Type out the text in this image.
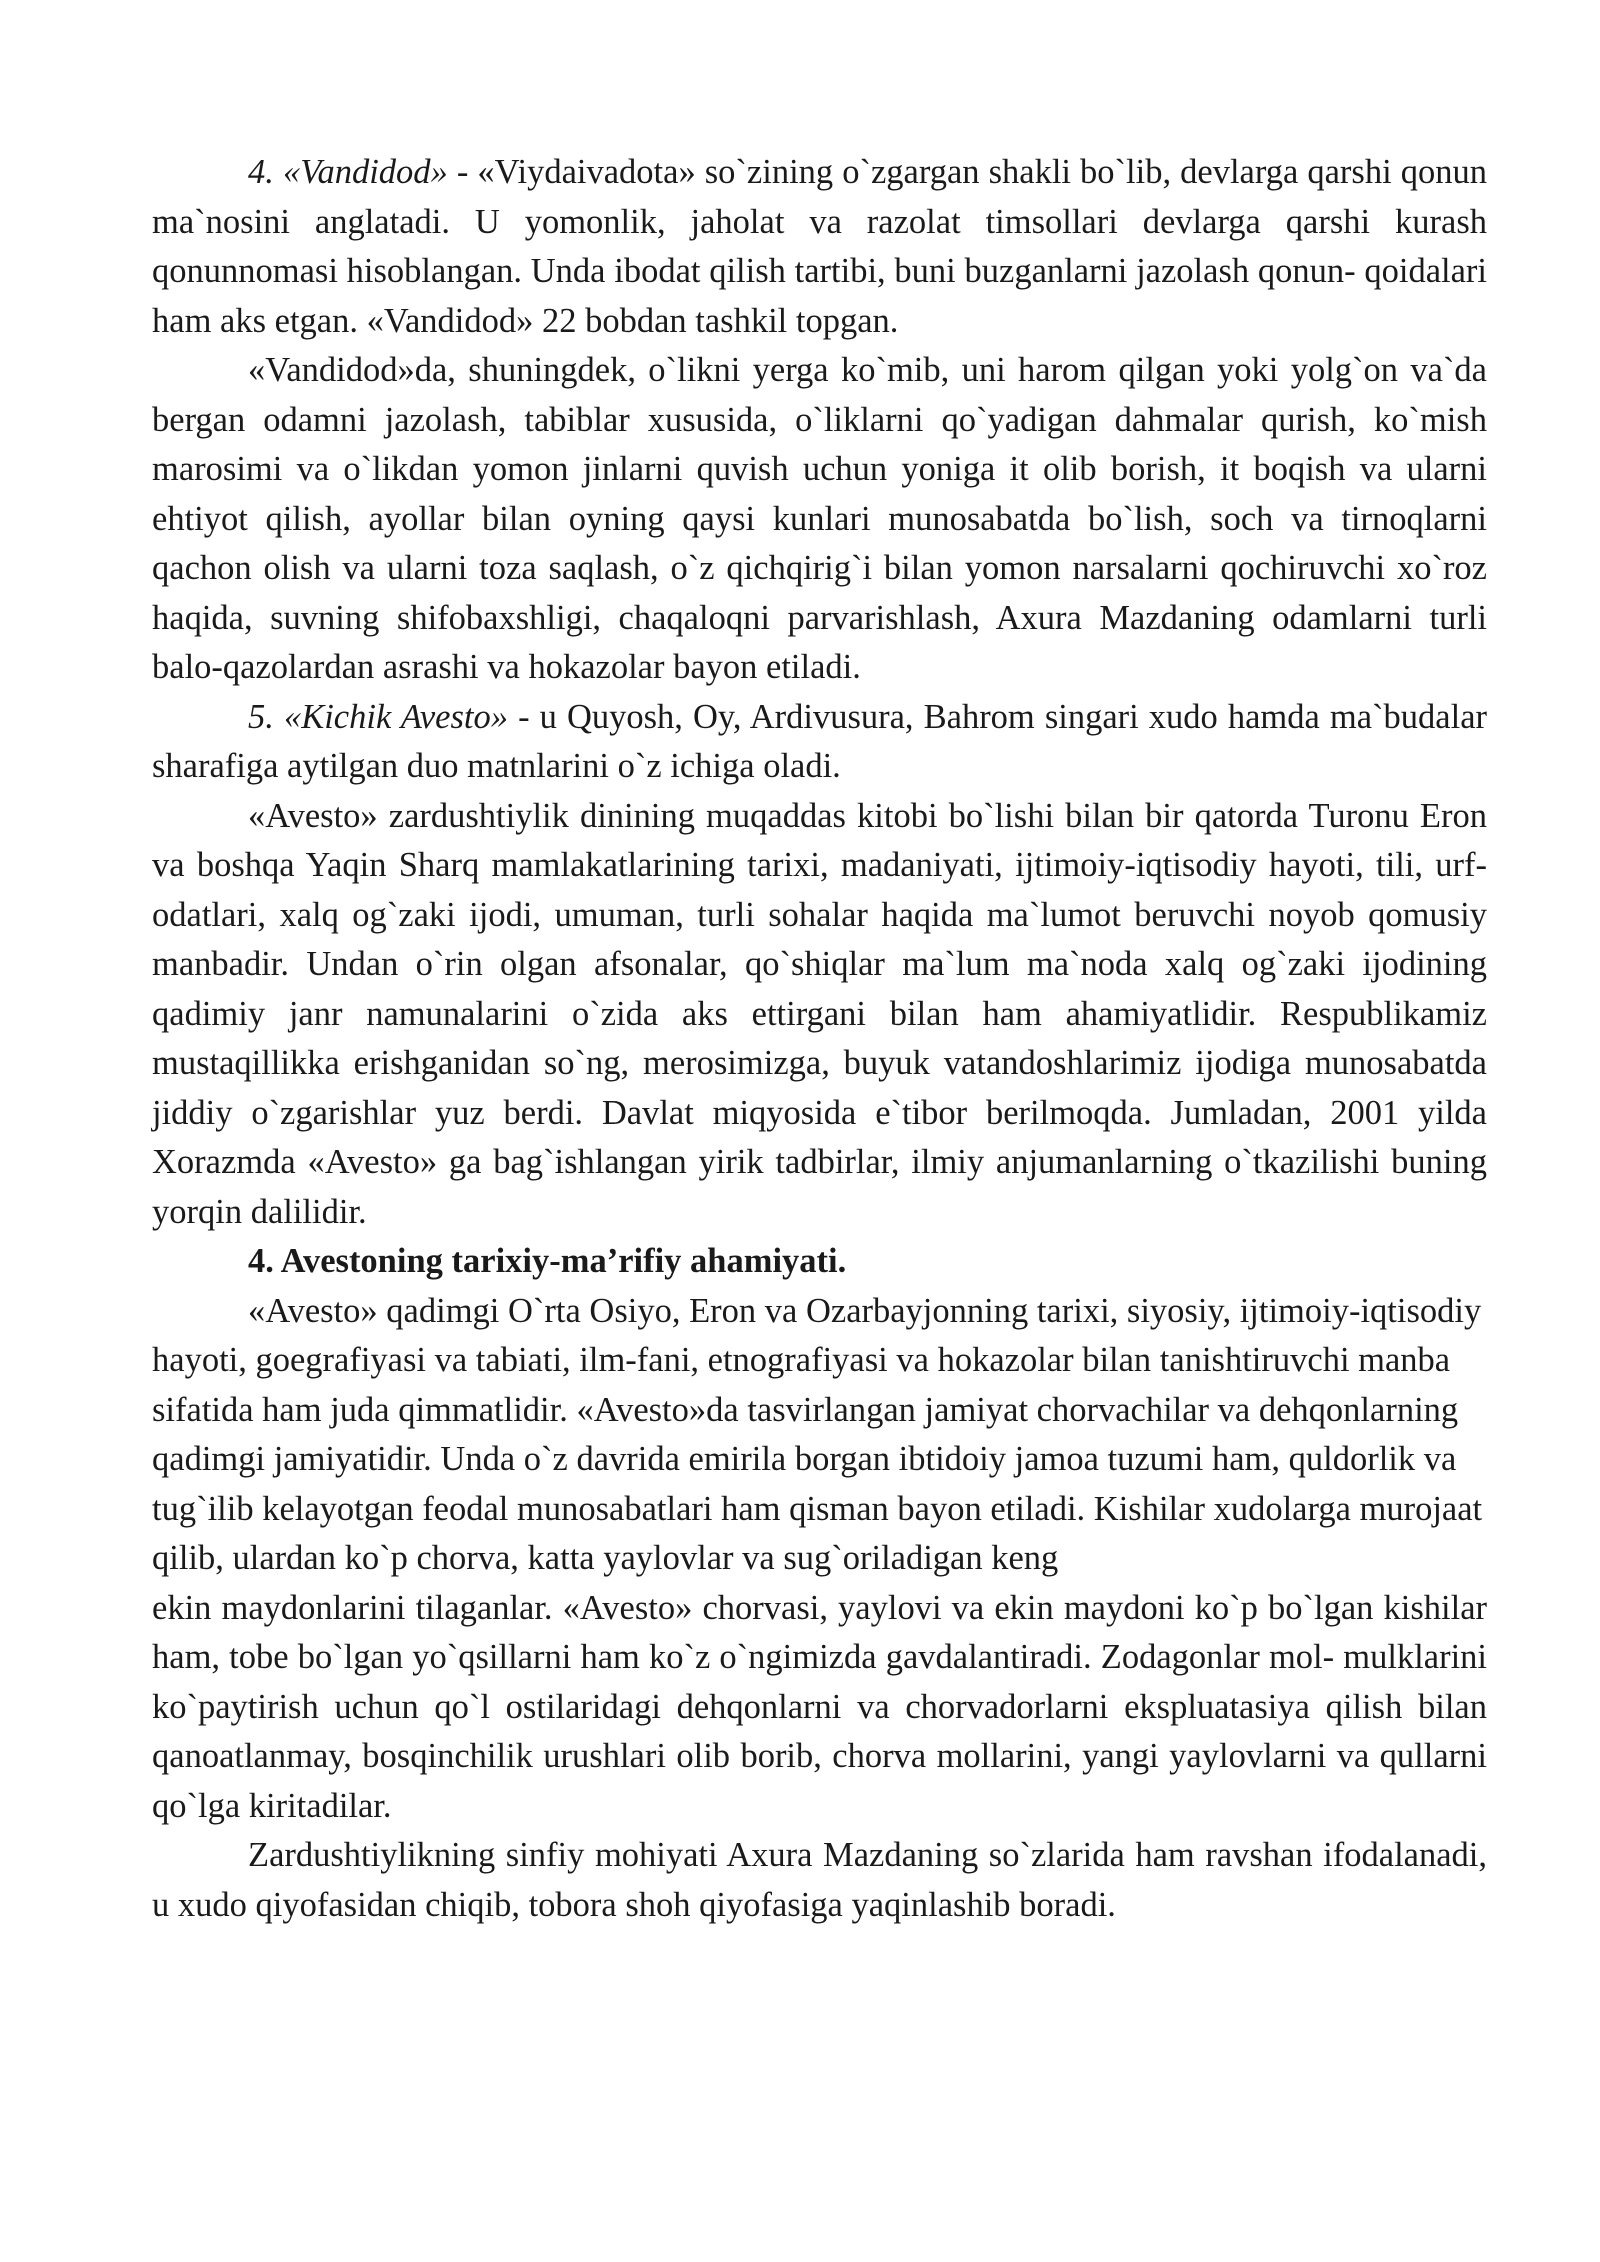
4. «Vandidod» - «Viydaivadota» so`zining o`zgargan shakli bo`lib, devlarga qarshi qonun ma`nosini anglatadi. U yomonlik, jaholat va razolat timsollari devlarga qarshi kurash qonunnomasi hisoblangan. Unda ibodat qilish tartibi, buni buzganlarni jazolash qonun- qoidalari ham aks etgan. «Vandidod» 22 bobdan tashkil topgan.

«Vandidod»da, shuningdek, o`likni yerga ko`mib, uni harom qilgan yoki yolg`on va`da bergan odamni jazolash, tabiblar xususida, o`liklarni qo`yadigan dahmalar qurish, ko`mish marosimi va o`likdan yomon jinlarni quvish uchun yoniga it olib borish, it boqish va ularni ehtiyot qilish, ayollar bilan oyning qaysi kunlari munosabatda bo`lish, soch va tirnoqlarni qachon olish va ularni toza saqlash, o`z qichqirig`i bilan yomon narsalarni qochiruvchi xo`roz haqida, suvning shifobaxshligi, chaqaloqni parvarishlash, Axura Mazdaning odamlarni turli balo-qazolardan asrashi va hokazolar bayon etiladi.

5. «Kichik Avesto» - u Quyosh, Oy, Ardivusura, Bahrom singari xudo hamda ma`budalar sharafiga aytilgan duo matnlarini o`z ichiga oladi.

«Avesto» zardushtiylik dinining muqaddas kitobi bo`lishi bilan bir qatorda Turonu Eron va boshqa Yaqin Sharq mamlakatlarining tarixi, madaniyati, ijtimoiy-iqtisodiy hayoti, tili, urf-odatlari, xalq og`zaki ijodi, umuman, turli sohalar haqida ma`lumot beruvchi noyob qomusiy manbadir. Undan o`rin olgan afsonalar, qo`shiqlar ma`lum ma`noda xalq og`zaki ijodining qadimiy janr namunalarini o`zida aks ettirgani bilan ham ahamiyatlidir. Respublikamiz mustaqillikka erishganidan so`ng, merosimizga, buyuk vatandoshlarimiz ijodiga munosabatda jiddiy o`zgarishlar yuz berdi. Davlat miqyosida e`tibor berilmoqda. Jumladan, 2001 yilda Xorazmda «Avesto» ga bag`ishlangan yirik tadbirlar, ilmiy anjumanlarning o`tkazilishi buning yorqin dalilidir.

4. Avestoning tarixiy-ma’rifiy ahamiyati.

«Avesto» qadimgi O`rta Osiyo, Eron va Ozarbayjonning tarixi, siyosiy, ijtimoiy-iqtisodiy hayoti, goegrafiyasi va tabiati, ilm-fani, etnografiyasi va hokazolar bilan tanishtiruvchi manba sifatida ham juda qimmatlidir. «Avesto»da tasvirlangan jamiyat chorvachilar va dehqonlarning qadimgi jamiyatidir. Unda o`z davrida emirila borgan ibtidoiy jamoa tuzumi ham, quldorlik va tug`ilib kelayotgan feodal munosabatlari ham qisman bayon etiladi. Kishilar xudolarga murojaat qilib, ulardan ko`p chorva, katta yaylovlar va sug`oriladigan keng

ekin maydonlarini tilaganlar. «Avesto» chorvasi, yaylovi va ekin maydoni ko`p bo`lgan kishilar ham, tobe bo`lgan yo`qsillarni ham ko`z o`ngimizda gavdalantiradi. Zodagonlar mol- mulklarini ko`paytirish uchun qo`l ostilaridagi dehqonlarni va chorvadorlarni ekspluatasiya qilish bilan qanoatlanmay, bosqinchilik urushlari olib borib, chorva mollarini, yangi yaylovlarni va qullarni qo`lga kiritadilar.

Zardushtiylikning sinfiy mohiyati Axura Mazdaning so`zlarida ham ravshan ifodalanadi, u xudo qiyofasidan chiqib, tobora shoh qiyofasiga yaqinlashib boradi.
